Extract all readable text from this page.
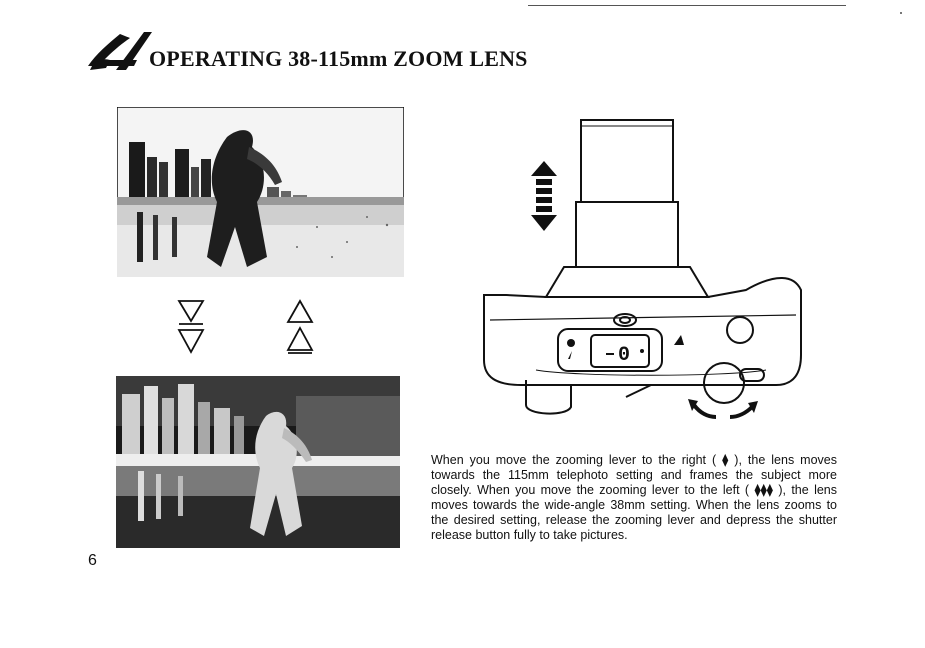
OPERATING 38-115mm ZOOM LENS
0

When you move the zooming lever to the right ( ⧫ ), the lens moves towards the 115mm telephoto setting and frames the subject more closely. When you move the zooming lever to the left ( ⧫⧫⧫ ), the lens moves towards the wide-angle 38mm setting. When the lens zooms to the desired setting, release the zooming lever and depress the shutter release button fully to take pictures.

6
